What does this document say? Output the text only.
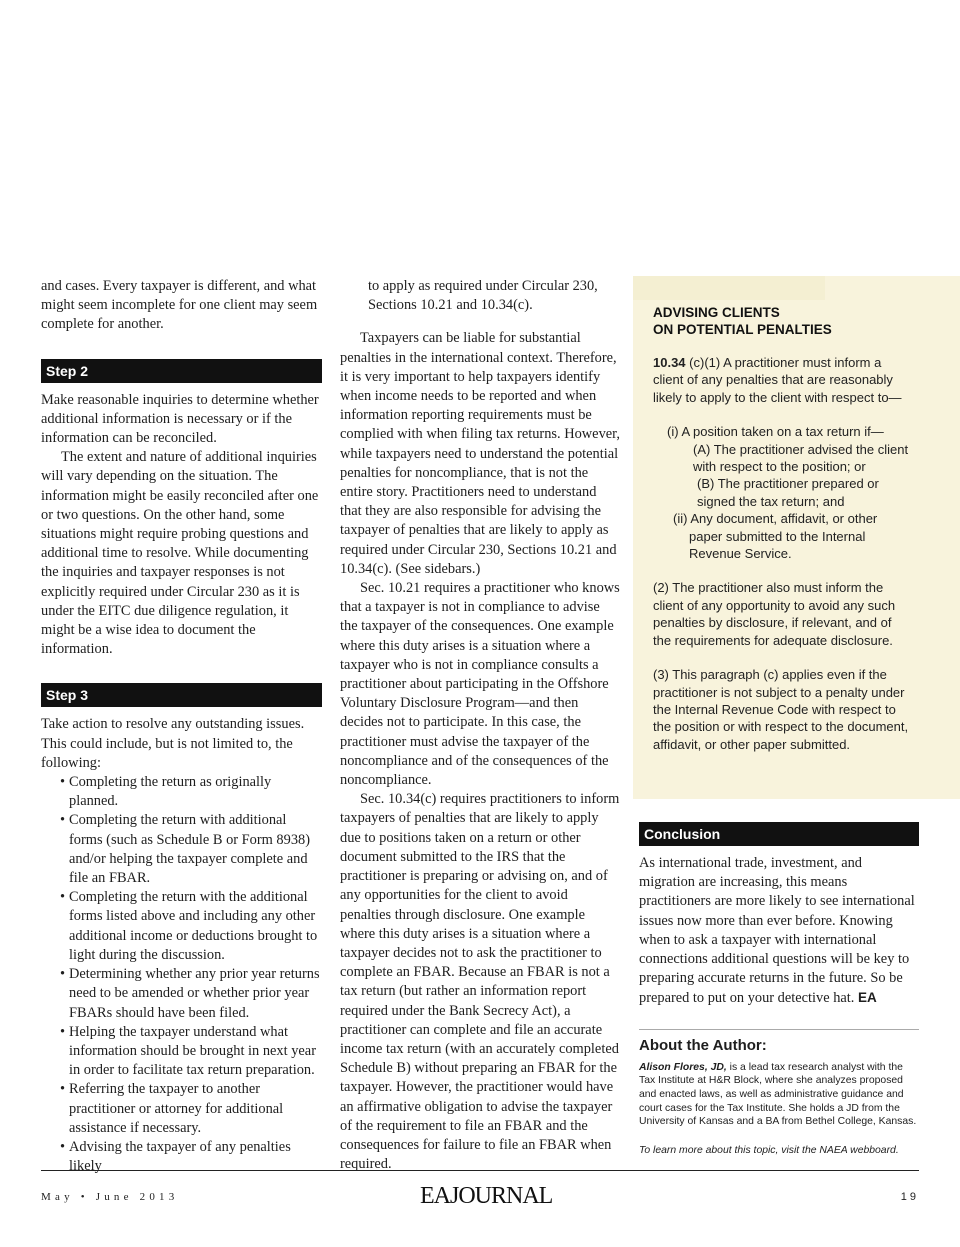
and cases. Every taxpayer is different, and what might seem incomplete for one client may seem complete for another.

Step 2

Make reasonable inquiries to determine whether additional information is necessary or if the information can be reconciled.

The extent and nature of additional inquiries will vary depending on the situation. The information might be easily reconciled after one or two questions. On the other hand, some situations might require probing questions and additional time to resolve. While documenting the inquiries and taxpayer responses is not explicitly required under Circular 230 as it is under the EITC due diligence regulation, it might be a wise idea to document the information.

Step 3

Take action to resolve any outstanding issues. This could include, but is not limited to, the following:

• Completing the return as originally planned.
• Completing the return with additional forms (such as Schedule B or Form 8938) and/or helping the taxpayer complete and file an FBAR.
• Completing the return with the additional forms listed above and including any other additional income or deductions brought to light during the discussion.
• Determining whether any prior year returns need to be amended or whether prior year FBARs should have been filed.
• Helping the taxpayer understand what information should be brought in next year in order to facilitate tax return preparation.
• Referring the taxpayer to another practitioner or attorney for additional assistance if necessary.
• Advising the taxpayer of any penalties likely

to apply as required under Circular 230, Sections 10.21 and 10.34(c).

Taxpayers can be liable for substantial penalties in the international context. Therefore, it is very important to help taxpayers identify when income needs to be reported and when information reporting requirements must be complied with when filing tax returns. However, while taxpayers need to understand the potential penalties for noncompliance, that is not the entire story. Practitioners need to understand that they are also responsible for advising the taxpayer of penalties that are likely to apply as required under Circular 230, Sections 10.21 and 10.34(c). (See sidebars.)

Sec. 10.21 requires a practitioner who knows that a taxpayer is not in compliance to advise the taxpayer of the consequences. One example where this duty arises is a situation where a taxpayer who is not in compliance consults a practitioner about participating in the Offshore Voluntary Disclosure Program—and then decides not to participate. In this case, the practitioner must advise the taxpayer of the noncompliance and of the consequences of the noncompliance.

Sec. 10.34(c) requires practitioners to inform taxpayers of penalties that are likely to apply due to positions taken on a return or other document submitted to the IRS that the practitioner is preparing or advising on, and of any opportunities for the client to avoid penalties through disclosure. One example where this duty arises is a situation where a taxpayer decides not to ask the practitioner to complete an FBAR. Because an FBAR is not a tax return (but rather an information report required under the Bank Secrecy Act), a practitioner can complete and file an accurate income tax return (with an accurately completed Schedule B) without preparing an FBAR for the taxpayer. However, the practitioner would have an affirmative obligation to advise the taxpayer of the requirement to file an FBAR and the consequences for failure to file an FBAR when required.

ADVISING CLIENTS
ON POTENTIAL PENALTIES

10.34 (c)(1) A practitioner must inform a client of any penalties that are reasonably likely to apply to the client with respect to—

(i) A position taken on a tax return if—
(A) The practitioner advised the client with respect to the position; or
(B) The practitioner prepared or signed the tax return; and
(ii) Any document, affidavit, or other paper submitted to the Internal Revenue Service.

(2) The practitioner also must inform the client of any opportunity to avoid any such penalties by disclosure, if relevant, and of the requirements for adequate disclosure.

(3) This paragraph (c) applies even if the practitioner is not subject to a penalty under the Internal Revenue Code with respect to the position or with respect to the document, affidavit, or other paper submitted.

Conclusion

As international trade, investment, and migration are increasing, this means practitioners are more likely to see international issues now more than ever before. Knowing when to ask a taxpayer with international connections additional questions will be key to preparing accurate returns in the future. So be prepared to put on your detective hat. EA

About the Author:
Alison Flores, JD, is a lead tax research analyst with the Tax Institute at H&R Block, where she analyzes proposed and enacted laws, as well as administrative guidance and court cases for the Tax Institute. She holds a JD from the University of Kansas and a BA from Bethel College, Kansas.
To learn more about this topic, visit the NAEA webboard.
May • June 2013	EAJOURNAL	19
